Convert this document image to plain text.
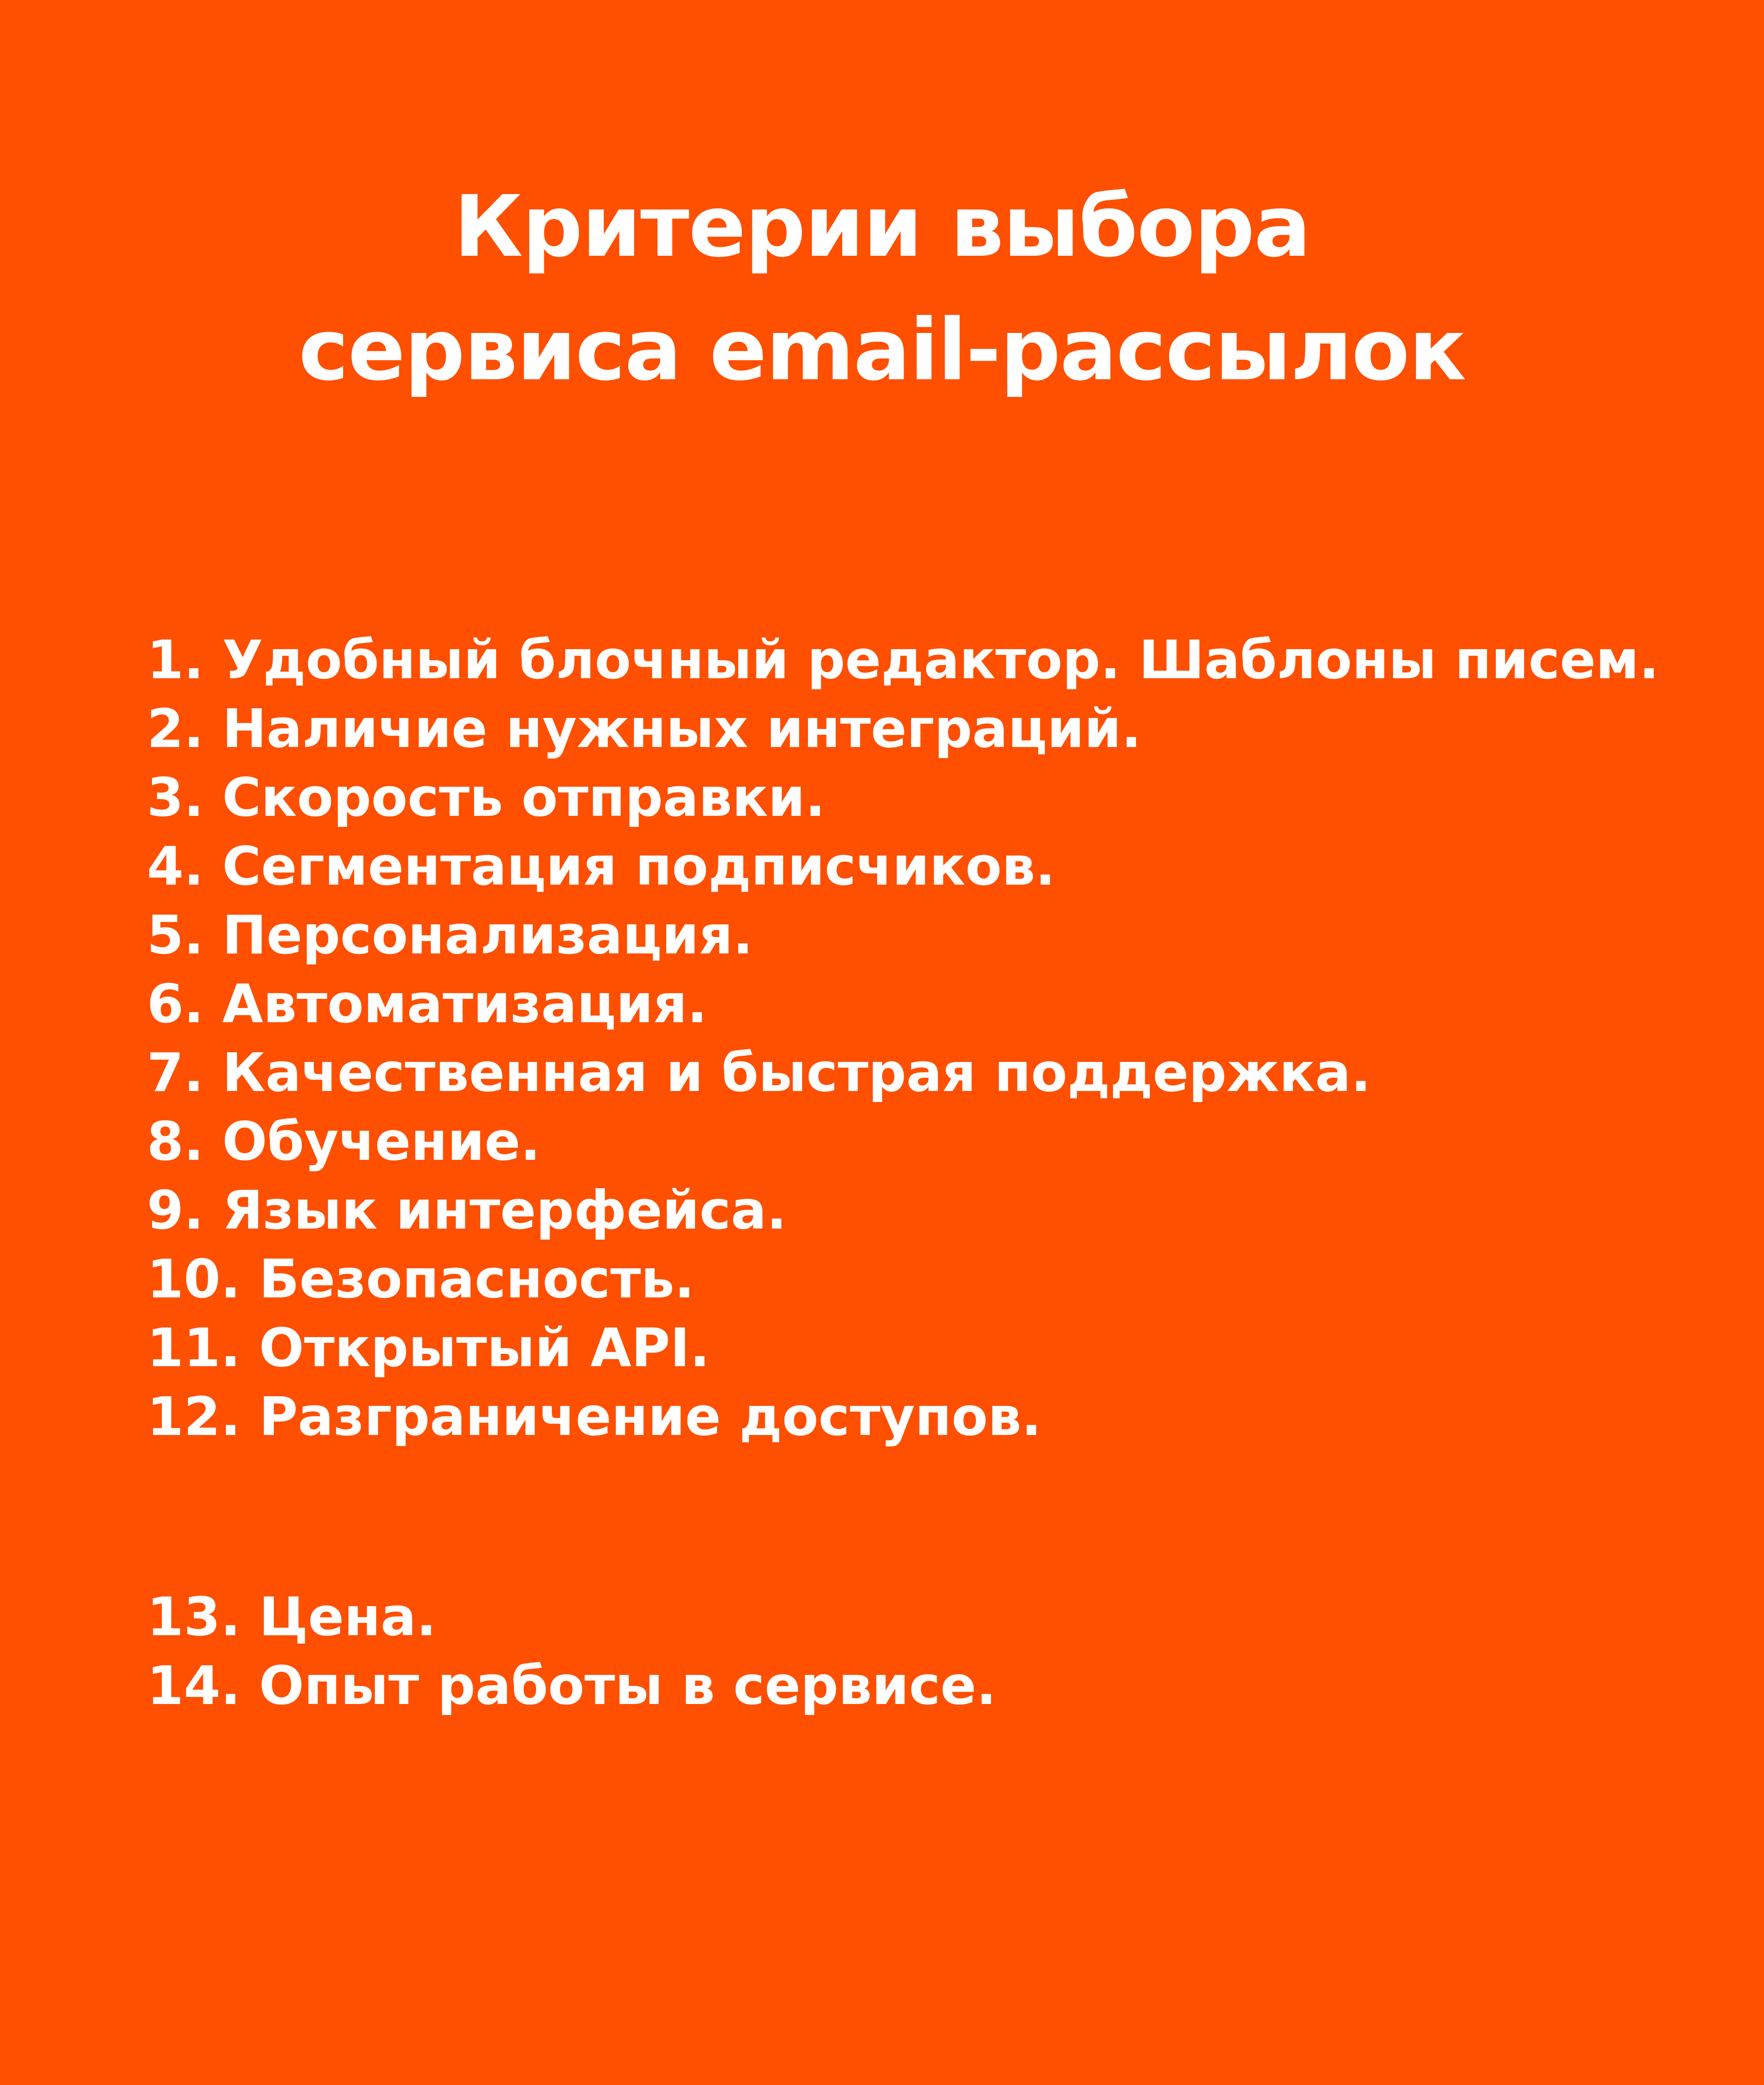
Критерии выбора
сервиса email-рассылок
1. Удобный блочный редактор. Шаблоны писем.
2. Наличие нужных интеграций.
3. Скорость отправки.
4. Сегментация подписчиков.
5. Персонализация.
6. Автоматизация.
7. Качественная и быстрая поддержка.
8. Обучение.
9. Язык интерфейса.
10. Безопасность.
11. Открытый API.
12. Разграничение доступов.
13. Цена.
14. Опыт работы в сервисе.
